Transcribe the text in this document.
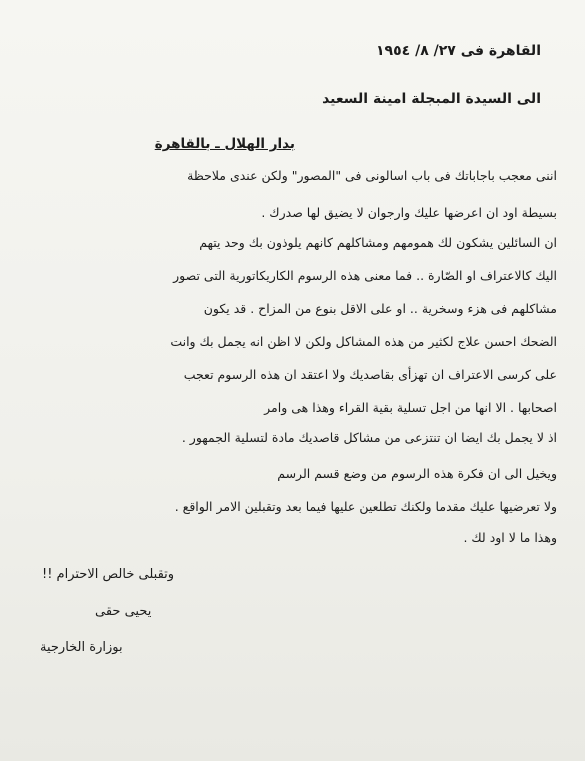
القاهرة فى ٢٧/ ٨/ ١٩٥٤
الى السيدة المبجلة امينة السعيد
بدار الهلال ـ بالقاهرة
اننى معجب باجاباتك فى باب اسالونى فى "المصور" ولكن عندى ملاحظة
بسيطة اود ان اعرضها عليك وارجوان لا يضيق لها صدرك .
ان السائلين يشكون لك همومهم ومشاكلهم كانهم يلوذون بك وحد يتهم
اليك كالاعتراف او الصّارة .. فما معنى هذه الرسوم الكاريكاتورية التى تصور
مشاكلهم فى هزء وسخرية .. او على الاقل بنوع من المزاح . قد يكون
الضحك احسن علاج لكثير من هذه المشاكل ولكن لا اظن انه يجمل بك وانت
على كرسى الاعتراف ان تهزأى بقاصديك ولا اعتقد ان هذه الرسوم تعجب
اصحابها . الا انها من اجل تسلية بقية القراء وهذا هى وامر
اذ لا يجمل بك ايضا ان تنتزعى من مشاكل قاصديك مادة لتسلية الجمهور .
ويخيل الى ان فكرة هذه الرسوم من وضع قسم الرسم
ولا تعرضيها عليك مقدما ولكنك تطلعين عليها فيما بعد وتقبلين الامر الواقع .
وهذا ما لا اود لك .
وتقبلى خالص الاحترام !!
يحيى حقى
بوزارة الخارجية
